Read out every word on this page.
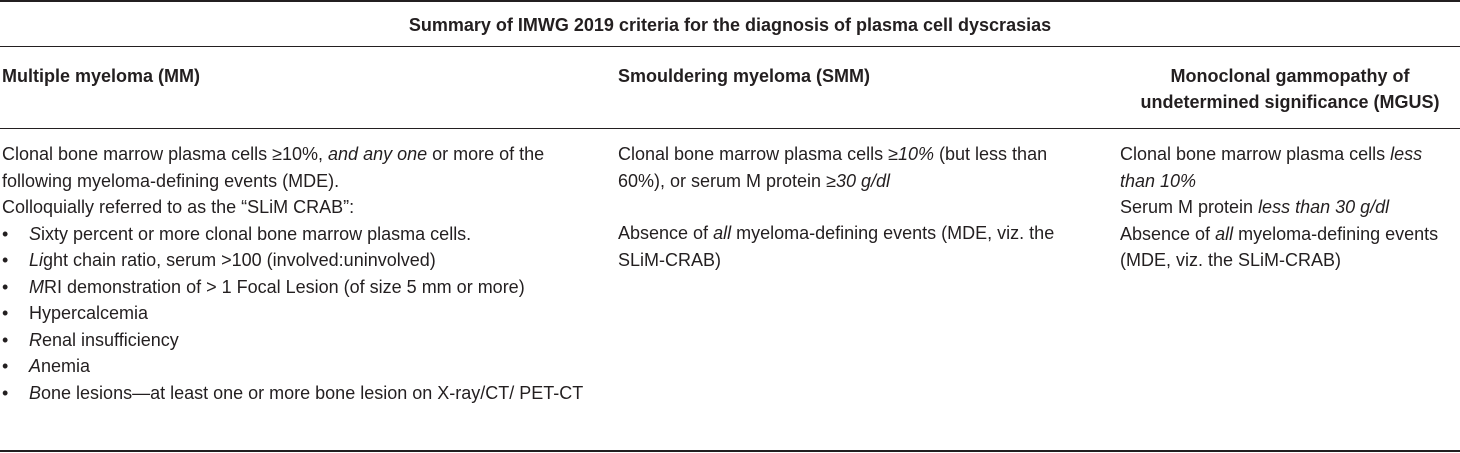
Summary of IMWG 2019 criteria for the diagnosis of plasma cell dyscrasias
Multiple myeloma (MM)	Smouldering myeloma (SMM)	Monoclonal gammopathy of undetermined significance (MGUS)

Clonal bone marrow plasma cells ≥10%, and any one or more of the following myeloma-defining events (MDE).

Colloquially referred to as the “SLiM CRAB”:

• Sixty percent or more clonal bone marrow plasma cells.
• Light chain ratio, serum >100 (involved:uninvolved)
• MRI demonstration of > 1 Focal Lesion (of size 5 mm or more)
• Hypercalcemia
• Renal insufficiency
• Anemia
• Bone lesions—at least one or more bone lesion on X-ray/CT/ PET-CT

Clonal bone marrow plasma cells ≥10% (but less than 60%), or serum M protein ≥30 g/dl

Absence of all myeloma-defining events (MDE, viz. the SLiM-CRAB)

Clonal bone marrow plasma cells less than 10%

Serum M protein less than 30 g/dl

Absence of all myeloma-defining events (MDE, viz. the SLiM-CRAB)
